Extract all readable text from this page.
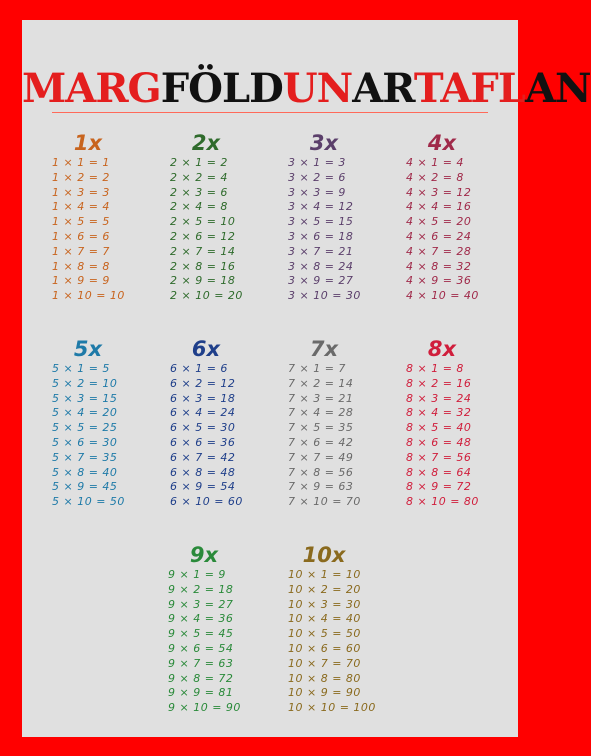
MARGFÖLDUNARTAFLAN
1x
1 × 1 = 1
1 × 2 = 2
1 × 3 = 3
1 × 4 = 4
1 × 5 = 5
1 × 6 = 6
1 × 7 = 7
1 × 8 = 8
1 × 9 = 9
1 × 10 = 10
2x
2 × 1 = 2
2 × 2 = 4
2 × 3 = 6
2 × 4 = 8
2 × 5 = 10
2 × 6 = 12
2 × 7 = 14
2 × 8 = 16
2 × 9 = 18
2 × 10 = 20
3x
3 × 1 = 3
3 × 2 = 6
3 × 3 = 9
3 × 4 = 12
3 × 5 = 15
3 × 6 = 18
3 × 7 = 21
3 × 8 = 24
3 × 9 = 27
3 × 10 = 30
4x
4 × 1 = 4
4 × 2 = 8
4 × 3 = 12
4 × 4 = 16
4 × 5 = 20
4 × 6 = 24
4 × 7 = 28
4 × 8 = 32
4 × 9 = 36
4 × 10 = 40
5x
5 × 1 = 5
5 × 2 = 10
5 × 3 = 15
5 × 4 = 20
5 × 5 = 25
5 × 6 = 30
5 × 7 = 35
5 × 8 = 40
5 × 9 = 45
5 × 10 = 50
6x
6 × 1 = 6
6 × 2 = 12
6 × 3 = 18
6 × 4 = 24
6 × 5 = 30
6 × 6 = 36
6 × 7 = 42
6 × 8 = 48
6 × 9 = 54
6 × 10 = 60
7x
7 × 1 = 7
7 × 2 = 14
7 × 3 = 21
7 × 4 = 28
7 × 5 = 35
7 × 6 = 42
7 × 7 = 49
7 × 8 = 56
7 × 9 = 63
7 × 10 = 70
8x
8 × 1 = 8
8 × 2 = 16
8 × 3 = 24
8 × 4 = 32
8 × 5 = 40
8 × 6 = 48
8 × 7 = 56
8 × 8 = 64
8 × 9 = 72
8 × 10 = 80
9x
9 × 1 = 9
9 × 2 = 18
9 × 3 = 27
9 × 4 = 36
9 × 5 = 45
9 × 6 = 54
9 × 7 = 63
9 × 8 = 72
9 × 9 = 81
9 × 10 = 90
10x
10 × 1 = 10
10 × 2 = 20
10 × 3 = 30
10 × 4 = 40
10 × 5 = 50
10 × 6 = 60
10 × 7 = 70
10 × 8 = 80
10 × 9 = 90
10 × 10 = 100
